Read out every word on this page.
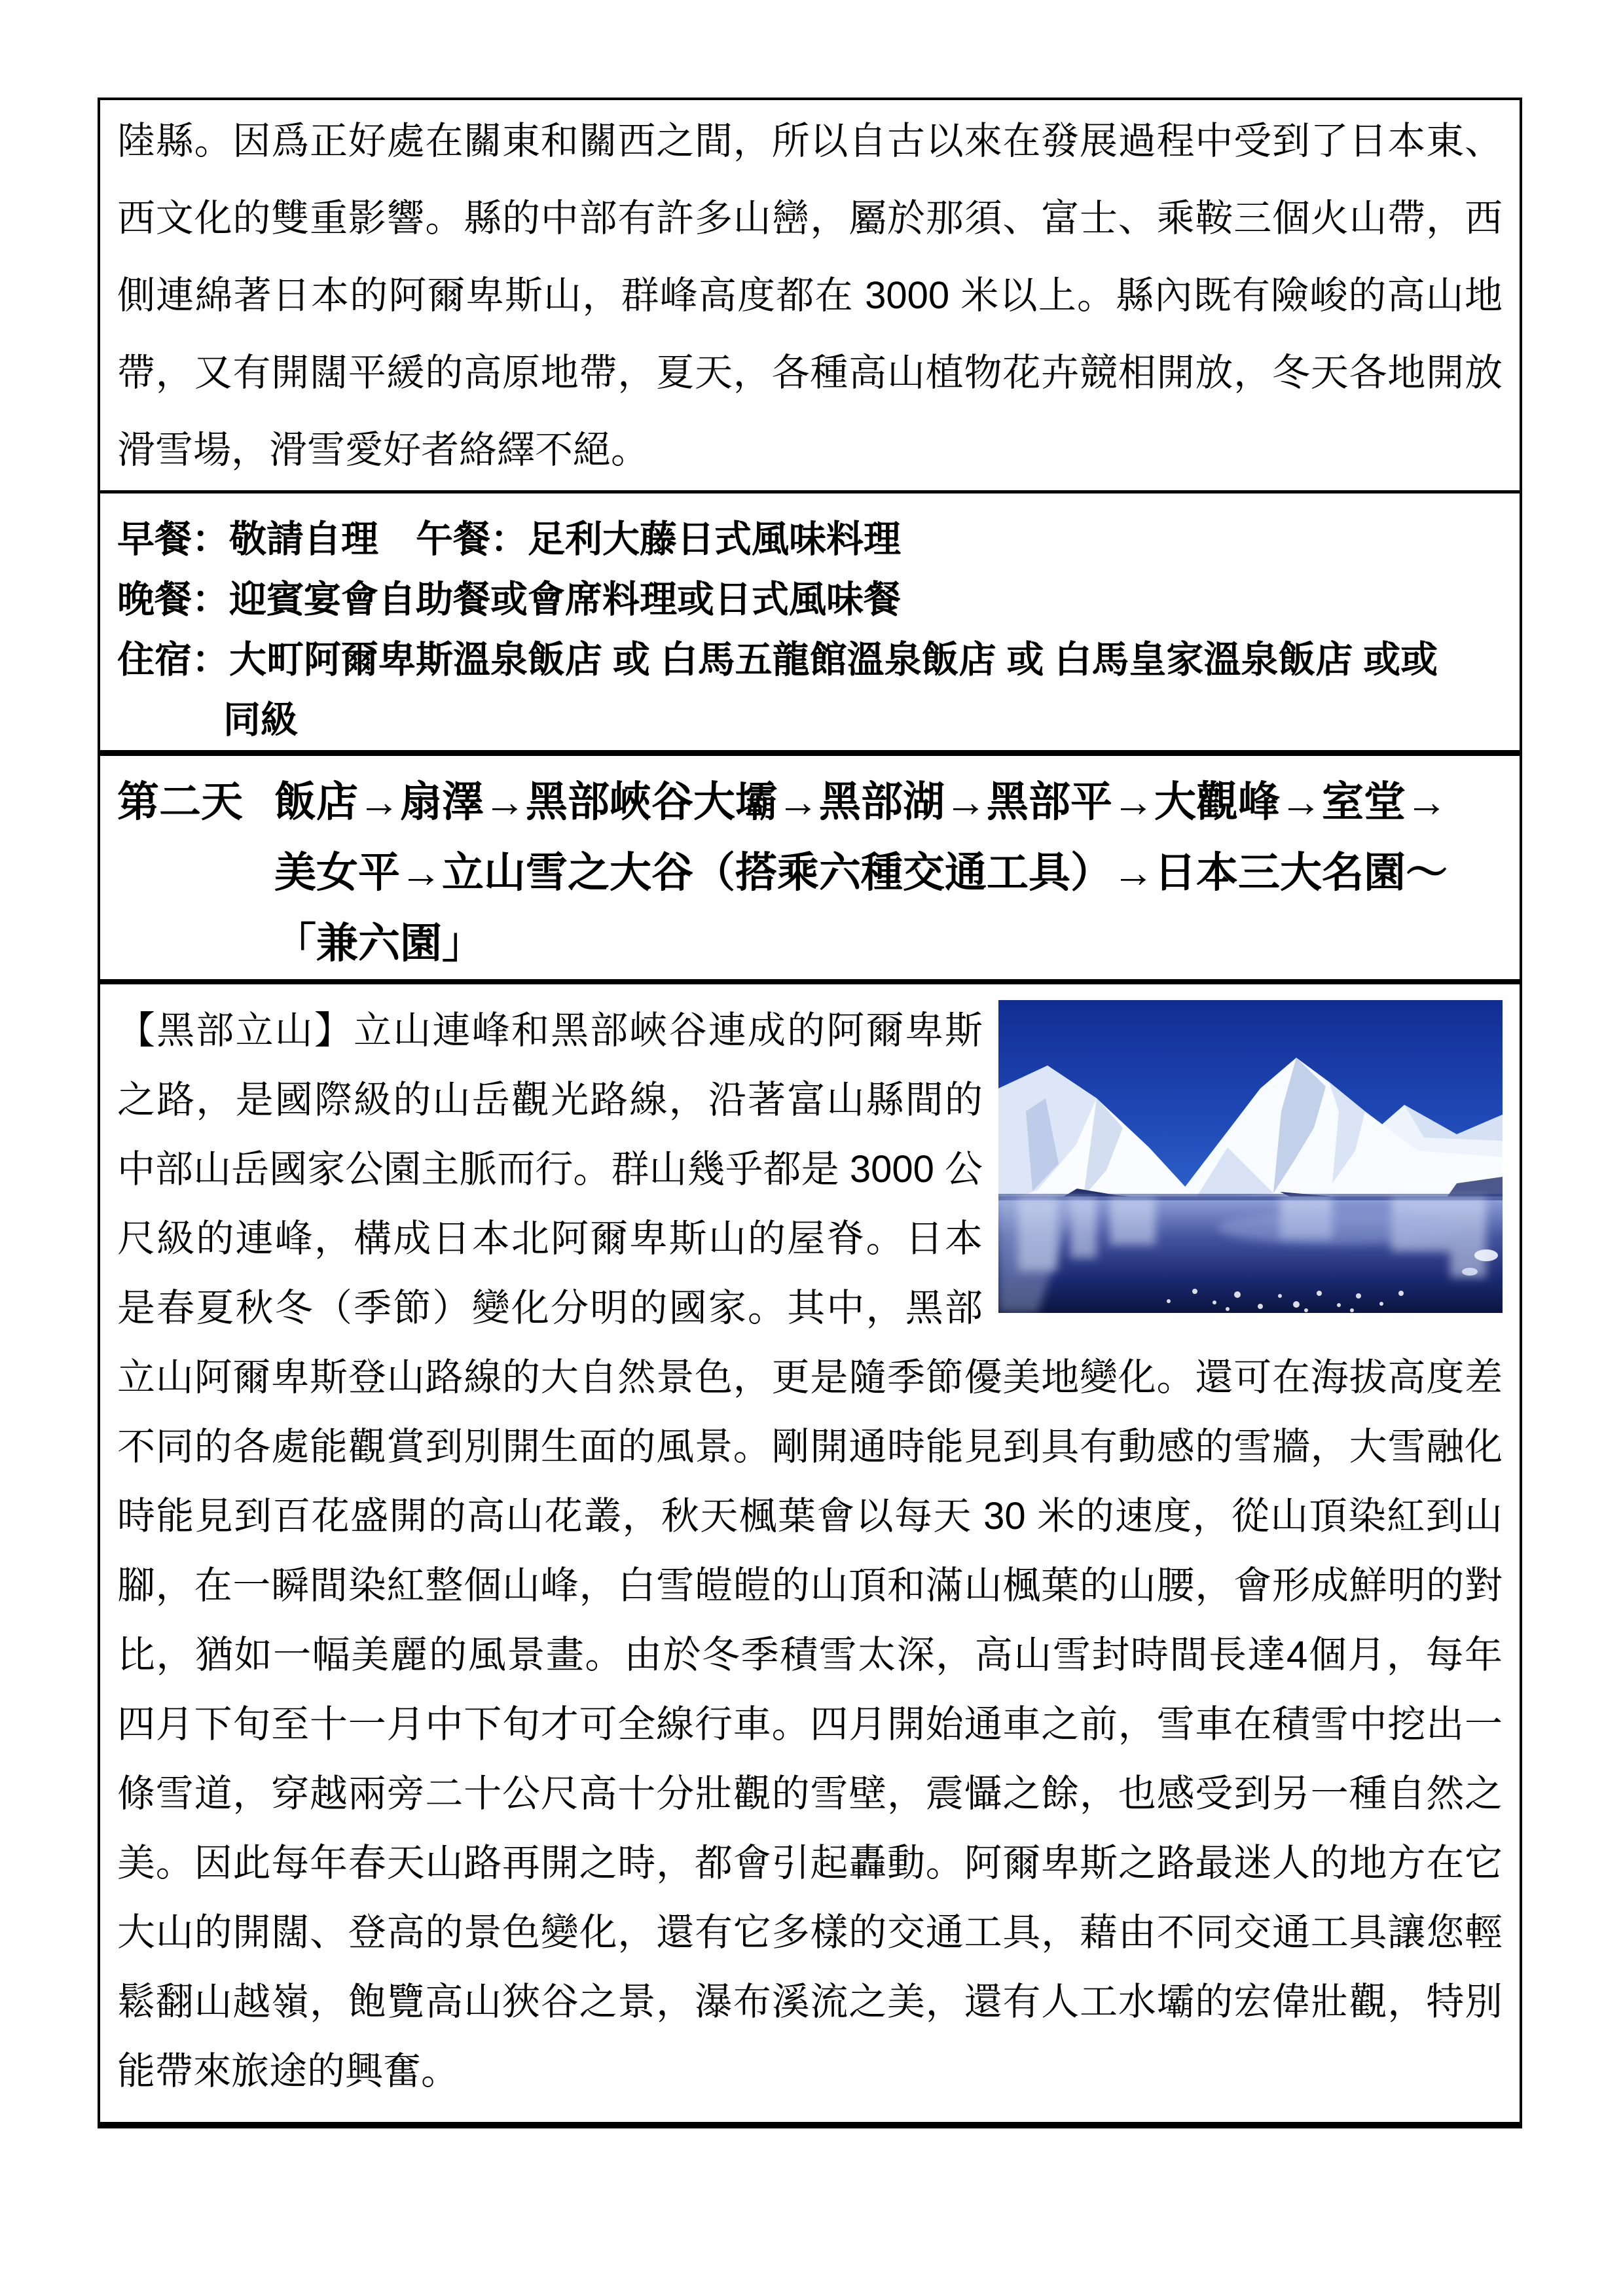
陸縣。因爲正好處在關東和關西之間，所以自古以來在發展過程中受到了日本東、西文化的雙重影響。縣的中部有許多山巒，屬於那須、富士、乘鞍三個火山帶，西側連綿著日本的阿爾卑斯山，群峰高度都在 3000 米以上。縣內既有險峻的高山地帶，又有開闊平緩的高原地帶，夏天，各種高山植物花卉競相開放，冬天各地開放滑雪場，滑雪愛好者絡繹不絕。

早餐：敬請自理　午餐：足利大藤日式風味料理

晚餐：迎賓宴會自助餐或會席料理或日式風味餐

住宿：大町阿爾卑斯溫泉飯店 或 白馬五龍館溫泉飯店 或 白馬皇家溫泉飯店 或或

同級

第二天 飯店→扇澤→黑部峽谷大壩→黑部湖→黑部平→大觀峰→室堂→
美女平→立山雪之大谷（搭乘六種交通工具）→日本三大名園～
「兼六園」

【黑部立山】立山連峰和黑部峽谷連成的阿爾卑斯之路，是國際級的山岳觀光路線，沿著富山縣間的中部山岳國家公園主脈而行。群山幾乎都是 3000 公尺級的連峰，構成日本北阿爾卑斯山的屋脊。日本是春夏秋冬（季節）變化分明的國家。其中，黑部立山阿爾卑斯登山路線的大自然景色，更是隨季節優美地變化。還可在海拔高度差不同的各處能觀賞到別開生面的風景。剛開通時能見到具有動感的雪牆，大雪融化時能見到百花盛開的高山花叢，秋天楓葉會以每天 30 米的速度，從山頂染紅到山腳，在一瞬間染紅整個山峰，白雪皚皚的山頂和滿山楓葉的山腰，會形成鮮明的對比，猶如一幅美麗的風景畫。由於冬季積雪太深，高山雪封時間長達4個月，每年四月下旬至十一月中下旬才可全線行車。四月開始通車之前，雪車在積雪中挖出一條雪道，穿越兩旁二十公尺高十分壯觀的雪壁，震懾之餘，也感受到另一種自然之美。因此每年春天山路再開之時，都會引起轟動。阿爾卑斯之路最迷人的地方在它大山的開闊、登高的景色變化，還有它多樣的交通工具，藉由不同交通工具讓您輕鬆翻山越嶺，飽覽高山狹谷之景，瀑布溪流之美，還有人工水壩的宏偉壯觀，特別能帶來旅途的興奮。
